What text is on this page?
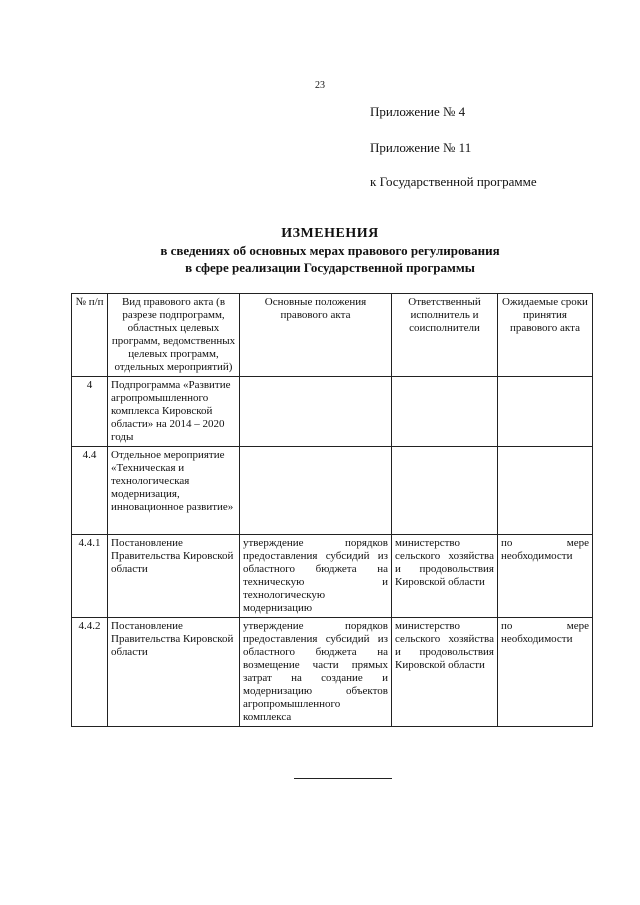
23
Приложение № 4
Приложение № 11
к Государственной программе
ИЗМЕНЕНИЯ
в сведениях об основных мерах правового регулирования
в сфере реализации Государственной программы
№ п/п	Вид правового акта (в разрезе подпрограмм, областных целевых программ, ведомственных целевых программ, отдельных мероприятий)	Основные положения правового акта	Ответственный исполнитель и соисполнители	Ожидаемые сроки принятия правового акта
4	Подпрограмма «Развитие агропромышленного комплекса Кировской области» на 2014 – 2020 годы			
4.4	Отдельное мероприятие «Техническая и технологическая модернизация, инновационное развитие»			
4.4.1	Постановление Правительства Кировской области	утверждение порядков предоставления субсидий из областного бюджета на техническую и технологическую модернизацию	министерство сельского хозяйства и продовольствия Кировской области	по мере необходимости
4.4.2	Постановление Правительства Кировской области	утверждение порядков предоставления субсидий из областного бюджета на возмещение части прямых затрат на создание и модернизацию объектов агропромышленного комплекса	министерство сельского хозяйства и продовольствия Кировской области	по мере необходимости
